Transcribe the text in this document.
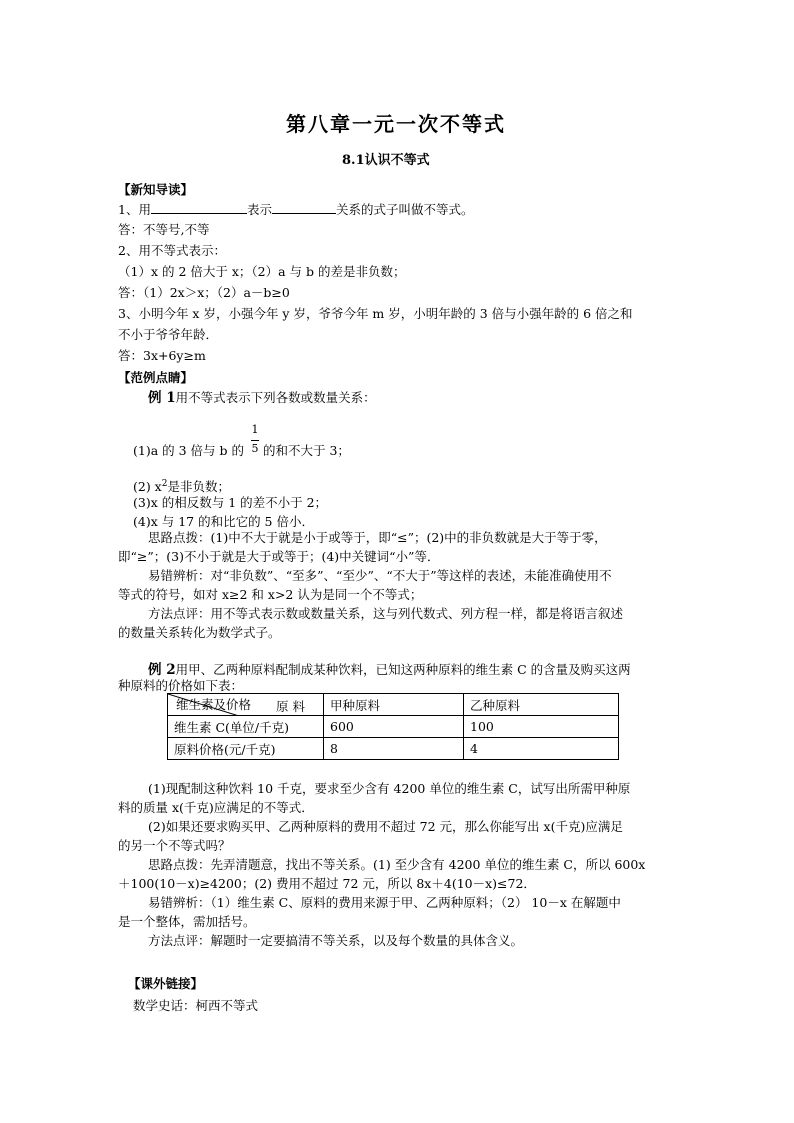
第八章一元一次不等式
8.1认识不等式
【新知导读】
1、用	表示	关系的式子叫做不等式。
答：不等号,不等
2、用不等式表示：
（1）x 的 2 倍大于 x；（2）a 与 b 的差是非负数；
答：（1）2x＞x；（2）a－b≥0
3、小明今年 x 岁，小强今年 y 岁，爷爷今年 m 岁，小明年龄的 3 倍与小强年龄的 6 倍之和
不小于爷爷年龄．
答：3x+6y≥m
【范例点睛】
例 1用不等式表示下列各数或数量关系：
(1)a 的 3 倍与 b 的
1
5 的和不大于 3；
(2) $x^2$是非负数；
(3)x 的相反数与 1 的差不小于 2；
(4)x 与 17 的和比它的 5 倍小．
思路点拨：(1)中不大于就是小于或等于，即“≤”；(2)中的非负数就是大于等于零，
即“≥”；(3)不小于就是大于或等于；(4)中关键词“小”等．
易错辨析：对“非负数”、“至多”、“至少”、“不大于”等这样的表述，未能准确使用不
等式的符号，如对 x≥2 和 x>2 认为是同一个不等式；
方法点评：用不等式表示数或数量关系，这与列代数式、列方程一样，都是将语言叙述
的数量关系转化为数学式子。
例 2用甲、乙两种原料配制成某种饮料，已知这两种原料的维生素 C 的含量及购买这两
种原料的价格如下表：
原 料
维生素及价格	甲种原料	乙种原料
维生素 C(单位/千克)	600	100
原料价格(元/千克)	8	4
(1)现配制这种饮料 10 千克，要求至少含有 4200 单位的维生素 C，试写出所需甲种原
料的质量 x(千克)应满足的不等式．
(2)如果还要求购买甲、乙两种原料的费用不超过 72 元，那么你能写出 x(千克)应满足
的另一个不等式吗？
思路点拨：先弄清题意，找出不等关系。(1) 至少含有 4200 单位的维生素 C，所以 600x
＋100(10－x)≥4200；(2) 费用不超过 72 元，所以 8x＋4(10－x)≤72．
易错辨析：（1）维生素 C、原料的费用来源于甲、乙两种原料；（2） 10－x 在解题中
是一个整体，需加括号。
方法点评：解题时一定要搞清不等关系，以及每个数量的具体含义。
【课外链接】
数学史话：柯西不等式
